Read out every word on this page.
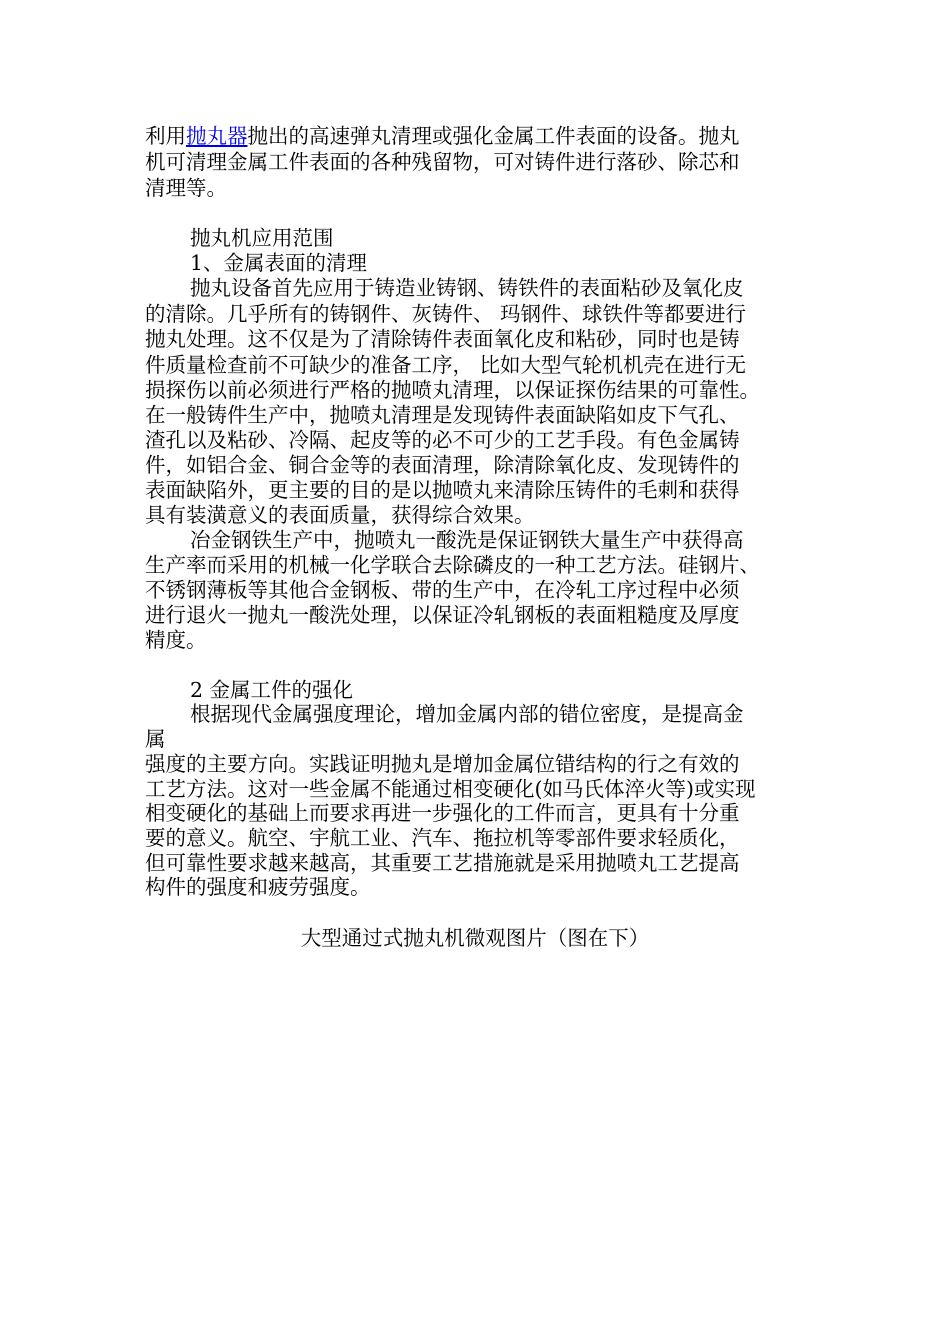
利用抛丸器抛出的高速弹丸清理或强化金属工件表面的设备。抛丸
机可清理金属工件表面的各种残留物，可对铸件进行落砂、除芯和
清理等。
抛丸机应用范围
1、金属表面的清理
抛丸设备首先应用于铸造业铸钢、铸铁件的表面粘砂及氧化皮
的清除。几乎所有的铸钢件、灰铸件、 玛钢件、球铁件等都要进行
抛丸处理。这不仅是为了清除铸件表面氧化皮和粘砂，同时也是铸
件质量检查前不可缺少的准备工序， 比如大型气轮机机壳在进行无
损探伤以前必须进行严格的抛喷丸清理，以保证探伤结果的可靠性。
在一般铸件生产中，抛喷丸清理是发现铸件表面缺陷如皮下气孔、
渣孔以及粘砂、冷隔、起皮等的必不可少的工艺手段。有色金属铸
件，如铝合金、铜合金等的表面清理，除清除氧化皮、发现铸件的
表面缺陷外，更主要的目的是以抛喷丸来清除压铸件的毛刺和获得
具有装潢意义的表面质量，获得综合效果。
冶金钢铁生产中，抛喷丸一酸洗是保证钢铁大量生产中获得高
生产率而采用的机械一化学联合去除磷皮的一种工艺方法。硅钢片、
不锈钢薄板等其他合金钢板、带的生产中，在冷轧工序过程中必须
进行退火一抛丸一酸洗处理，以保证冷轧钢板的表面粗糙度及厚度
精度。
2 金属工件的强化
根据现代金属强度理论，增加金属内部的错位密度，是提高金
属
强度的主要方向。实践证明抛丸是增加金属位错结构的行之有效的
工艺方法。这对一些金属不能通过相变硬化(如马氏体淬火等)或实现
相变硬化的基础上而要求再进一步强化的工件而言，更具有十分重
要的意义。航空、宇航工业、汽车、拖拉机等零部件要求轻质化，
但可靠性要求越来越高，其重要工艺措施就是采用抛喷丸工艺提高
构件的强度和疲劳强度。
大型通过式抛丸机微观图片（图在下）
